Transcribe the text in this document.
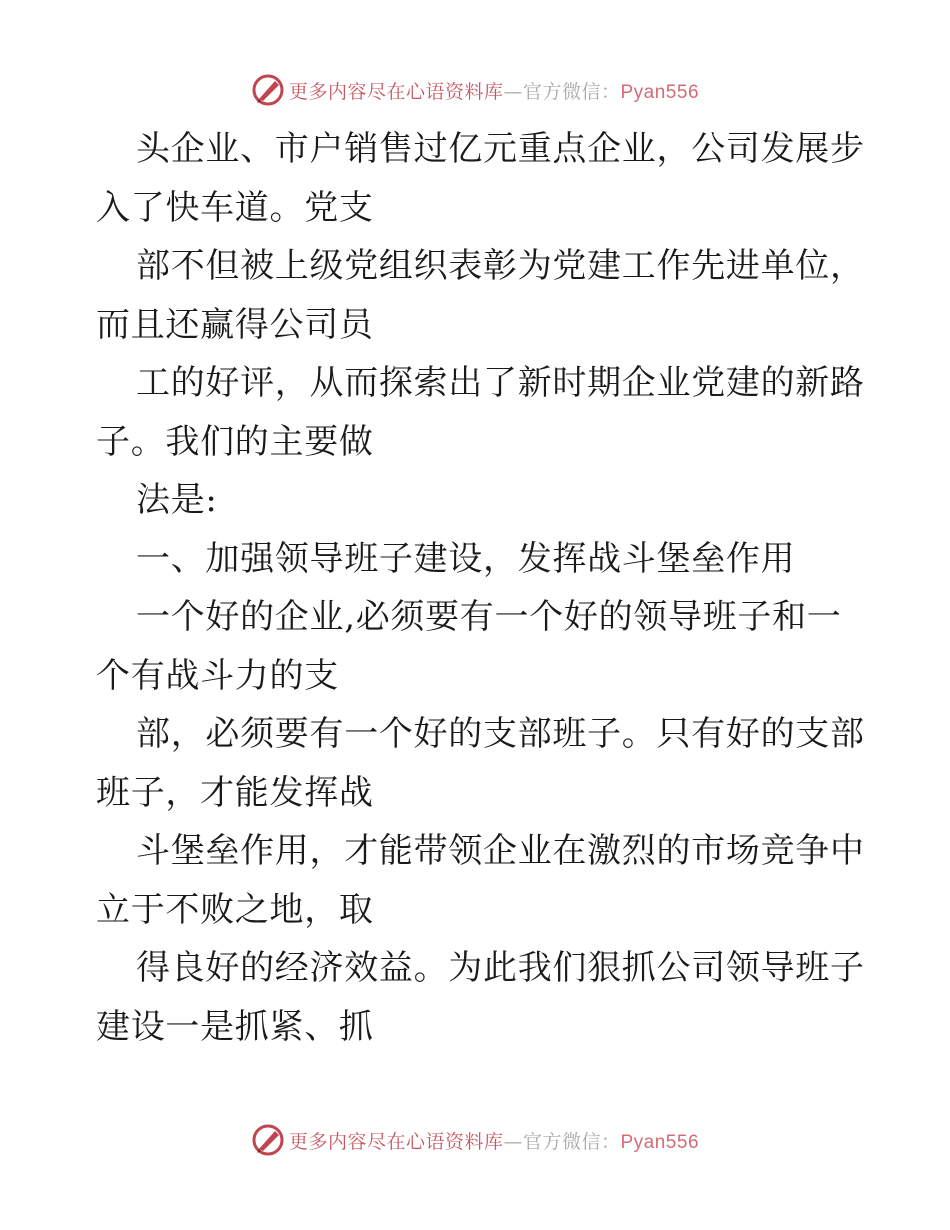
更多内容尽在心语资料库—官方微信：Pyan556
头企业、市户销售过亿元重点企业，公司发展步
入了快车道。党支
部不但被上级党组织表彰为党建工作先进单位，
而且还赢得公司员
工的好评，从而探索出了新时期企业党建的新路
子。我们的主要做
法是:
一、加强领导班子建设，发挥战斗堡垒作用
一个好的企业,必须要有一个好的领导班子和一
个有战斗力的支
部，必须要有一个好的支部班子。只有好的支部
班子，才能发挥战
斗堡垒作用，才能带领企业在激烈的市场竞争中
立于不败之地，取
得良好的经济效益。为此我们狠抓公司领导班子
建设一是抓紧、抓
更多内容尽在心语资料库—官方微信：Pyan556
